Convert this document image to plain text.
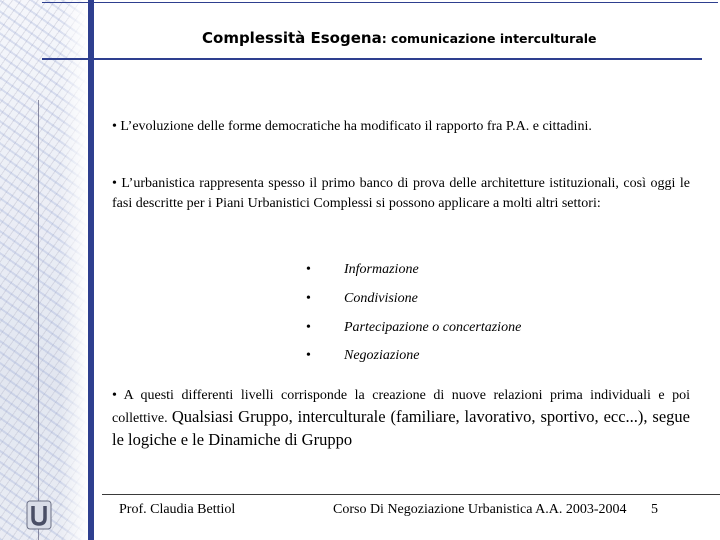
Complessità Esogena: comunicazione interculturale
• L’evoluzione delle forme democratiche ha modificato il rapporto fra P.A. e cittadini.
• L’urbanistica rappresenta spesso il primo banco di prova delle architetture istituzionali, così oggi le fasi descritte per i Piani Urbanistici Complessi si possono applicare a molti altri settori:
• Informazione
• Condivisione
• Partecipazione o concertazione
• Negoziazione
• A questi differenti livelli corrisponde la creazione di nuove relazioni prima individuali e poi collettive. Qualsiasi Gruppo, interculturale (familiare, lavorativo, sportivo, ecc...), segue le logiche e le Dinamiche di Gruppo
Prof. Claudia Bettiol	Corso Di Negoziazione Urbanistica A.A. 2003-2004 5
